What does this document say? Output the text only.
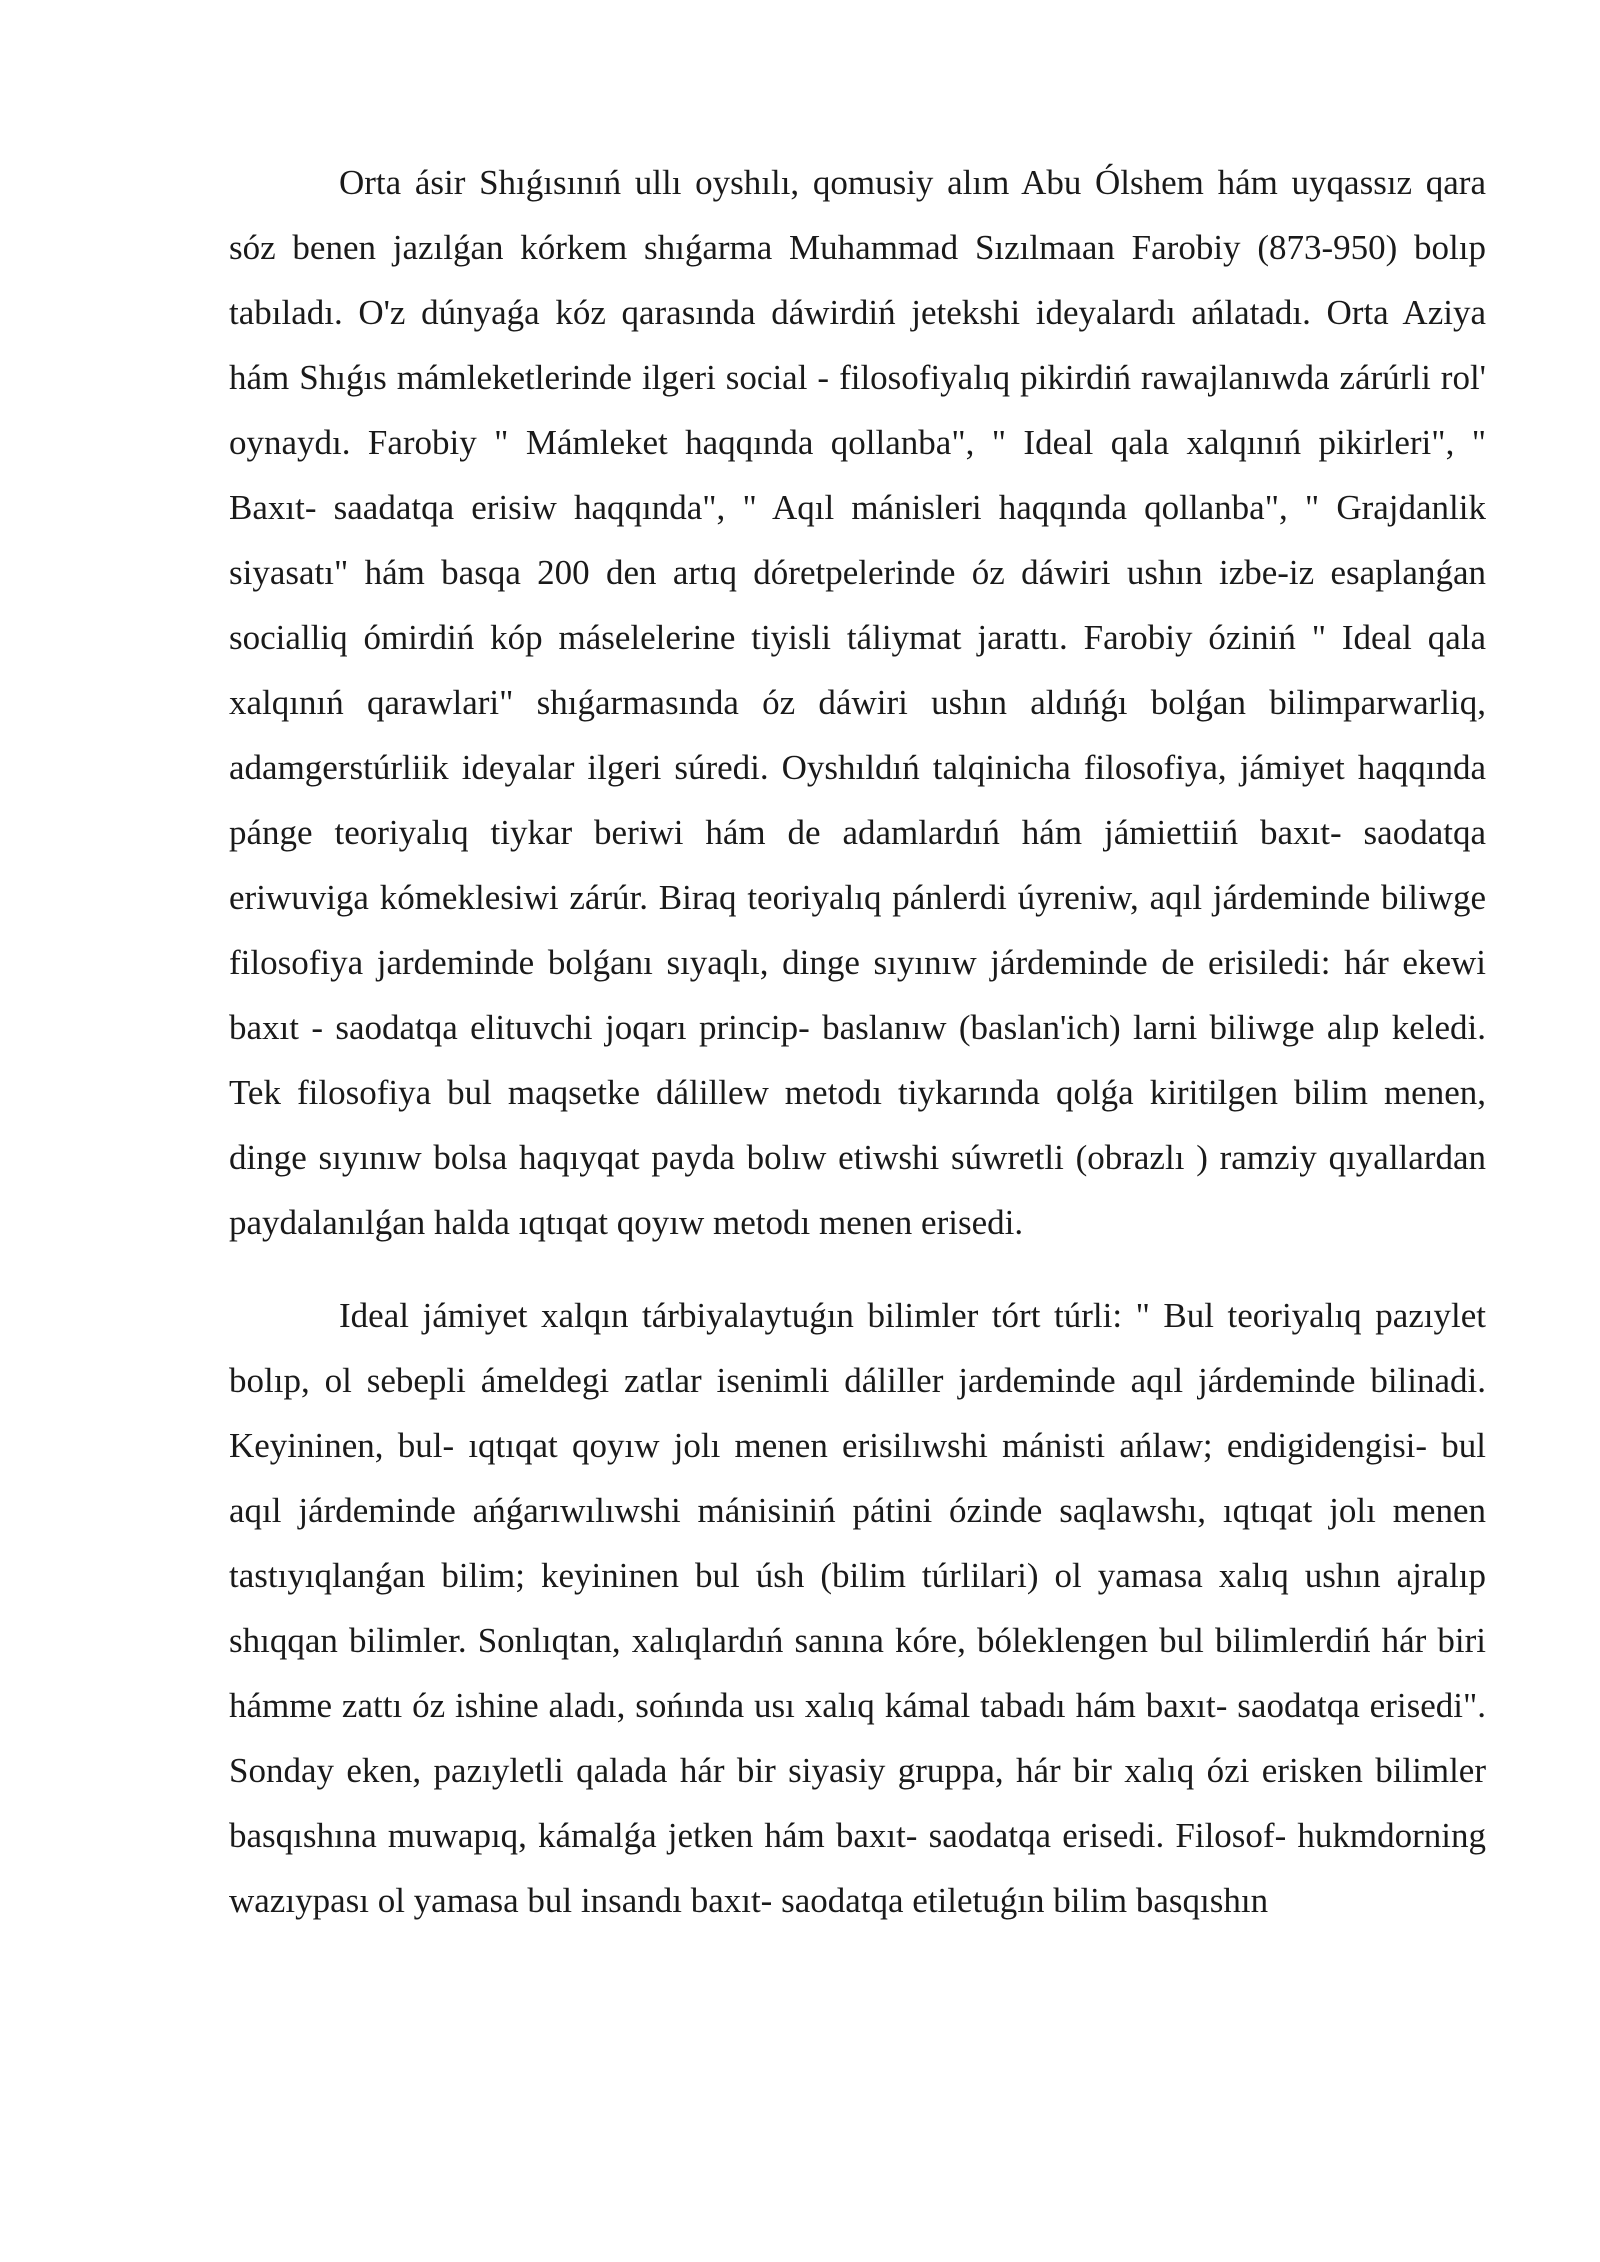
Orta ásir Shıǵısınıń ullı oyshılı, qomusiy alım Abu Ólshem hám uyqassız qara sóz benen jazılǵan kórkem shıǵarma Muhammad Sızılmaan Farobiy (873-950) bolıp tabıladı. O'z dúnyaǵa kóz qarasında dáwirdiń jetekshi ideyalardı ańlatadı. Orta Aziya hám Shıǵıs mámleketlerinde ilgeri social - filosofiyalıq pikirdiń rawajlanıwda zárúrli rol' oynaydı. Farobiy " Mámleket haqqında qollanba", " Ideal qala xalqınıń pikirleri", " Baxıt- saadatqa erisiw haqqında", " Aqıl mánisleri haqqında qollanba", " Grajdanlik siyasatı" hám basqa 200 den artıq dóretpelerinde óz dáwiri ushın izbe-iz esaplanǵan socialliq ómirdiń kóp máselelerine tiyisli táliymat jarattı. Farobiy óziniń " Ideal qala xalqınıń qarawlari" shıǵarmasında óz dáwiri ushın aldıńǵı bolǵan bilimparwarliq, adamgerstúrliik ideyalar ilgeri súredi. Oyshıldıń talqinicha filosofiya, jámiyet haqqında pánge teoriyalıq tiykar beriwi hám de adamlardıń hám jámiettiiń baxıt- saodatqa eriwuviga kómeklesiwi zárúr. Biraq teoriyalıq pánlerdi úyreniw, aqıl járdeminde biliwge filosofiya jardeminde bolǵanı sıyaqlı, dinge sıyınıw járdeminde de erisiledi: hár ekewi baxıt - saodatqa elituvchi joqarı princip- baslanıw (baslan'ich) larni biliwge alıp keledi. Tek filosofiya bul maqsetke dálillew metodı tiykarında qolǵa kiritilgen bilim menen, dinge sıyınıw bolsa haqıyqat payda bolıw etiwshi súwretli (obrazlı ) ramziy qıyallardan paydalanılǵan halda ıqtıqat qoyıw metodı menen erisedi.

Ideal jámiyet xalqın tárbiyalaytuǵın bilimler tórt túrli: " Bul teoriyalıq pazıylet bolıp, ol sebepli ámeldegi zatlar isenimli dáliller jardeminde aqıl járdeminde bilinadi. Keyininen, bul- ıqtıqat qoyıw jolı menen erisilıwshi mánisti ańlaw; endigidengisi- bul aqıl járdeminde ańǵarıwılıwshi mánisiniń pátini ózinde saqlawshı, ıqtıqat jolı menen tastıyıqlanǵan bilim; keyininen bul úsh (bilim túrlilari) ol yamasa xalıq ushın ajralıp shıqqan bilimler. Sonlıqtan, xalıqlardıń sanına kóre, bóleklengen bul bilimlerdiń hár biri hámme zattı óz ishine aladı, sońında usı xalıq kámal tabadı hám baxıt- saodatqa erisedi". Sonday eken, pazıyletli qalada hár bir siyasiy gruppa, hár bir xalıq ózi erisken bilimler basqıshına muwapıq, kámalǵa jetken hám baxıt- saodatqa erisedi. Filosof- hukmdorning wazıypası ol yamasa bul insandı baxıt- saodatqa etiletuǵın bilim basqıshın
